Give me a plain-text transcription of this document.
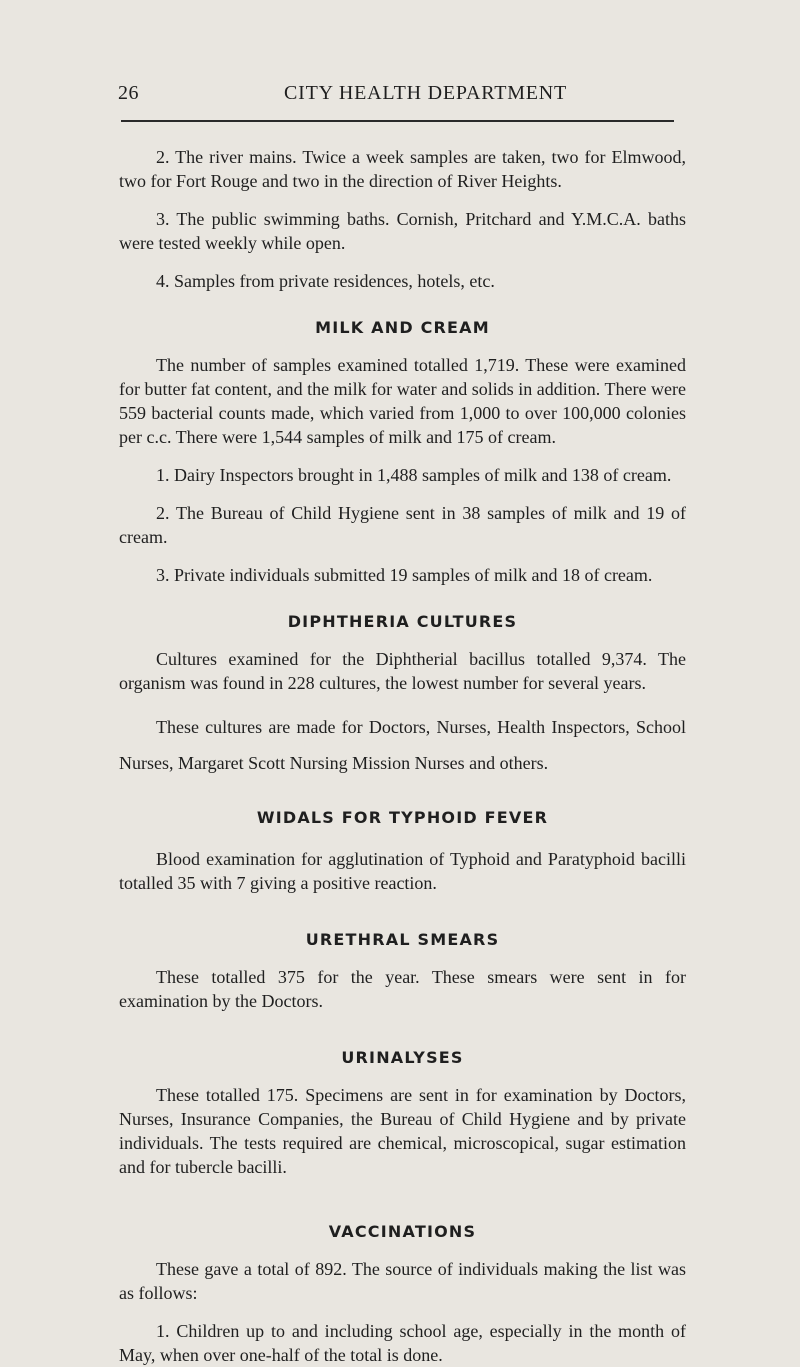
26	CITY HEALTH DEPARTMENT

2. The river mains. Twice a week samples are taken, two for Elmwood, two for Fort Rouge and two in the direction of River Heights.

3. The public swimming baths. Cornish, Pritchard and Y.M.C.A. baths were tested weekly while open.

4. Samples from private residences, hotels, etc.

MILK AND CREAM

The number of samples examined totalled 1,719. These were examined for butter fat content, and the milk for water and solids in addition. There were 559 bacterial counts made, which varied from 1,000 to over 100,000 colonies per c.c. There were 1,544 samples of milk and 175 of cream.

1. Dairy Inspectors brought in 1,488 samples of milk and 138 of cream.

2. The Bureau of Child Hygiene sent in 38 samples of milk and 19 of cream.

3. Private individuals submitted 19 samples of milk and 18 of cream.

DIPHTHERIA CULTURES

Cultures examined for the Diphtherial bacillus totalled 9,374. The organism was found in 228 cultures, the lowest number for several years.

These cultures are made for Doctors, Nurses, Health Inspectors, School Nurses, Margaret Scott Nursing Mission Nurses and others.

WIDALS FOR TYPHOID FEVER

Blood examination for agglutination of Typhoid and Paratyphoid bacilli totalled 35 with 7 giving a positive reaction.

URETHRAL SMEARS

These totalled 375 for the year. These smears were sent in for examination by the Doctors.

URINALYSES

These totalled 175. Specimens are sent in for examination by Doctors, Nurses, Insurance Companies, the Bureau of Child Hygiene and by private individuals. The tests required are chemical, microscopical, sugar estimation and for tubercle bacilli.

VACCINATIONS

These gave a total of 892. The source of individuals making the list was as follows:

1. Children up to and including school age, especially in the month of May, when over one-half of the total is done.
